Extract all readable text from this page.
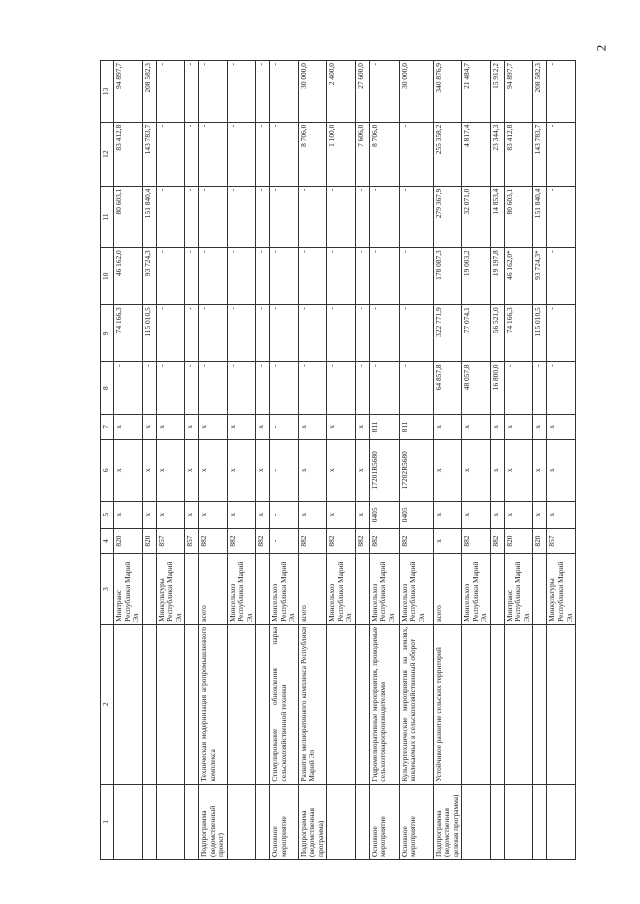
2
1	2	3	4	5	6	7	8	9	10	11	12	13
		Минтранс Республики Марий Эл	820	x	x	x	-	74 166,3	46 162,0	80 603,1	83 412,8	94 897,7
			820	x	x	x	-	115 010,5	93 724,3	151 840,4	143 783,7	208 582,3
		Минкультуры Республики Марий Эл	857	x	x	x	-	-	-	-	-	-
			857	x	x	x	-	-	-	-	-	-
Подпрограмма (ведомственный проект)	Техническая модернизация агропромышленного комплекса	всего	882	x	x	x	-	-	-	-	-	-
		Минсельхоз Республики Марий Эл	882	x	x	x	-	-	-	-	-	-
			882	x	x	x	-	-	-	-	-	-
Основное мероприятие	Стимулирование обновления парка сельскохозяйственной техники	Минсельхоз Республики Марий Эл	-	-	-	-	-	-	-	-	-	-
Подпрограмма (ведомственная программа)	Развитие мелиоративного комплекса Республики Марий Эл	всего	882	x	x	x	-	-	-	-	8 706,0	30 000,0
		Минсельхоз Республики Марий Эл	882	x	x	x	-	-	-	-	1 100,0	2 400,0
			882	x	x	x	-	-	-	-	7 606,0	27 600,0
Основное мероприятие	Гидромелиоративные мероприятия, проводимые сельхозтоваропроизводителями	Минсельхоз Республики Марий Эл	882	0405	17201R5680	811	-	-	-	-	8 706,0	-
Основное мероприятие	Культуртехнические мероприятия на землях, вовлекаемых в сельскохозяйственный оборот	Минсельхоз Республики Марий Эл	882	0405	17202R5680	811	-	-	-	-	-	30 000,0
Подпрограмма (ведомственная целевая программа)	Устойчивое развитие сельских территорий	всего	x	x	x	x	64 857,8	322 771,9	178 087,3	279 367,9	255 358,2	340 876,9
		Минсельхоз Республики Марий Эл	882	x	x	x	48 057,8	77 074,1	19 003,2	32 071,0	4 817,4	21 484,7
			882	x	x	x	16 800,0	56 521,0	19 197,8	14 853,4	23 344,3	15 912,2
		Минтранс Республики Марий Эл	820	x	x	x	-	74 166,3	46 162,0*	80 603,1	83 412,8	94 897,7
			820	x	x	x	-	115 010,5	93 724,3*	151 840,4	143 783,7	208 582,3
		Минкультуры Республики Марий Эл	857	x	x	x	-	-	-	-	-	-
